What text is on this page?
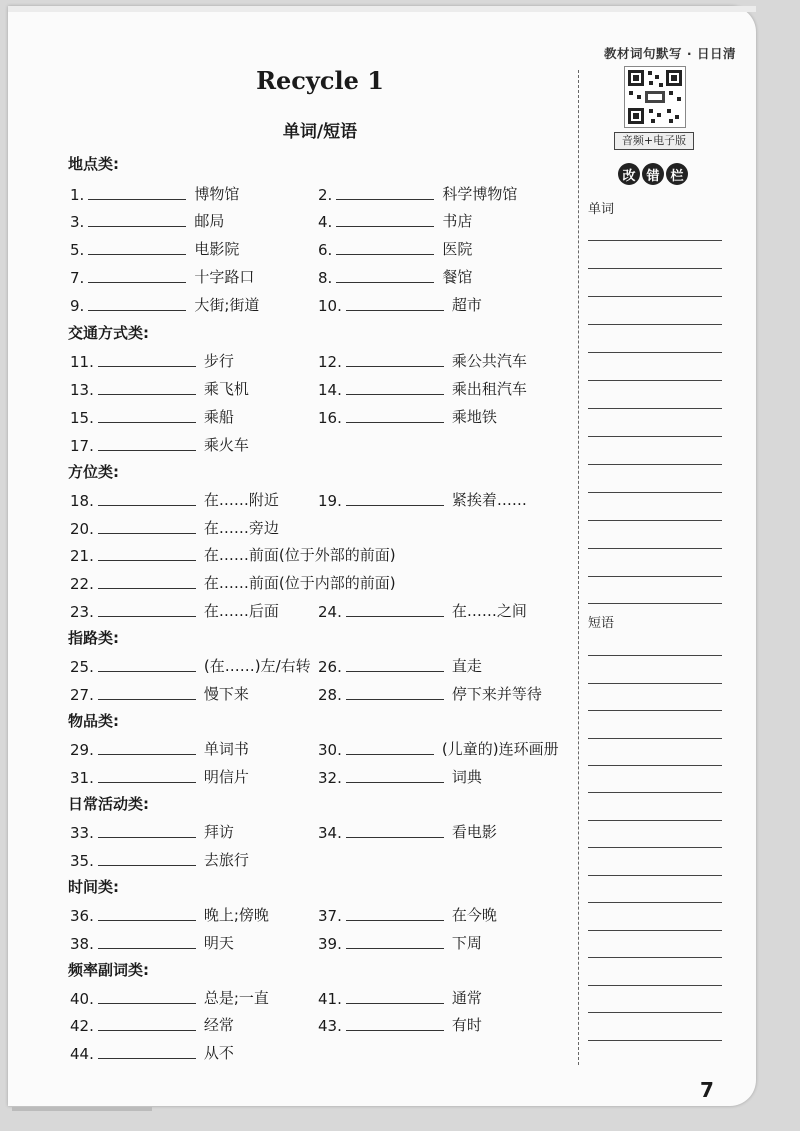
教材词句默写 · 日日清
Recycle 1
单词/短语
地点类:
1.	博物馆	2.	科学博物馆
3.	邮局	4.	书店
5.	电影院	6.	医院
7.	十字路口	8.	餐馆
9.	大街;街道	10.	超市
交通方式类:
11.	步行	12.	乘公共汽车
13.	乘飞机	14.	乘出租汽车
15.	乘船	16.	乘地铁
17.	乘火车
方位类:
18.	在……附近	19.	紧挨着……
20.	在……旁边
21.	在……前面(位于外部的前面)
22.	在……前面(位于内部的前面)
23.	在……后面	24.	在……之间
指路类:
25.	(在……)左/右转 26.	直走
27.	慢下来	28.	停下来并等待
物品类:
29.	单词书	30.	(儿童的)连环画册
31.	明信片	32.	词典
日常活动类:
33.	拜访	34.	看电影
35.	去旅行
时间类:
36.	晚上;傍晚	37.	在今晚
38.	明天	39.	下周
频率副词类:
40.	总是;一直	41.	通常
42.	经常	43.	有时
44.	从不
音频+电子版
改 错 栏
单词
短语
7
